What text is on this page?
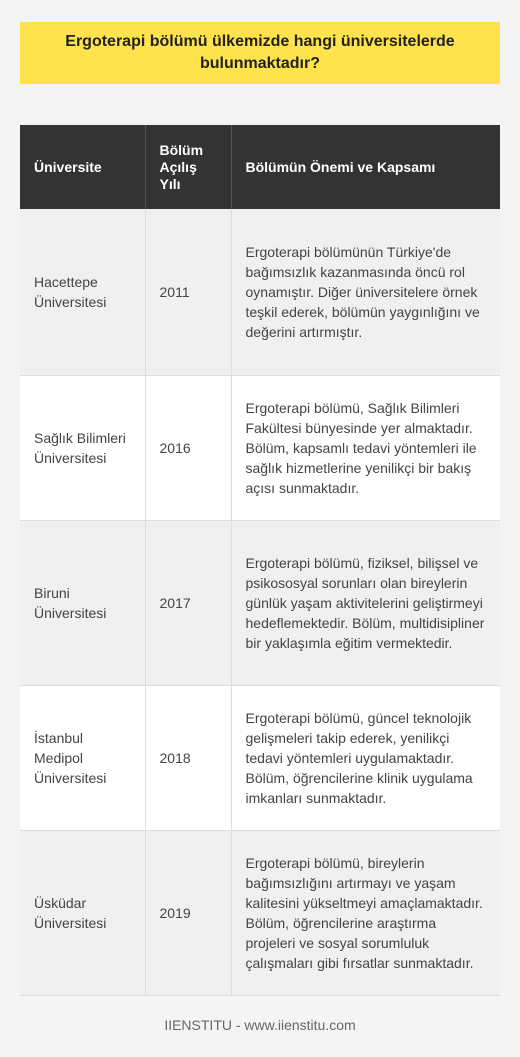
Ergoterapi bölümü ülkemizde hangi üniversitelerde bulunmaktadır?
Üniversite	Bölüm Açılış Yılı	Bölümün Önemi ve Kapsamı
Hacettepe Üniversitesi	2011	Ergoterapi bölümünün Türkiye'de bağımsızlık kazanmasında öncü rol oynamıştır. Diğer üniversitelere örnek teşkil ederek, bölümün yaygınlığını ve değerini artırmıştır.
Sağlık Bilimleri Üniversitesi	2016	Ergoterapi bölümü, Sağlık Bilimleri Fakültesi bünyesinde yer almaktadır. Bölüm, kapsamlı tedavi yöntemleri ile sağlık hizmetlerine yenilikçi bir bakış açısı sunmaktadır.
Biruni Üniversitesi	2017	Ergoterapi bölümü, fiziksel, bilişsel ve psikososyal sorunları olan bireylerin günlük yaşam aktivitelerini geliştirmeyi hedeflemektedir. Bölüm, multidisipliner bir yaklaşımla eğitim vermektedir.
İstanbul Medipol Üniversitesi	2018	Ergoterapi bölümü, güncel teknolojik gelişmeleri takip ederek, yenilikçi tedavi yöntemleri uygulamaktadır. Bölüm, öğrencilerine klinik uygulama imkanları sunmaktadır.
Üsküdar Üniversitesi	2019	Ergoterapi bölümü, bireylerin bağımsızlığını artırmayı ve yaşam kalitesini yükseltmeyi amaçlamaktadır. Bölüm, öğrencilerine araştırma projeleri ve sosyal sorumluluk çalışmaları gibi fırsatlar sunmaktadır.
IIENSTITU - www.iienstitu.com
